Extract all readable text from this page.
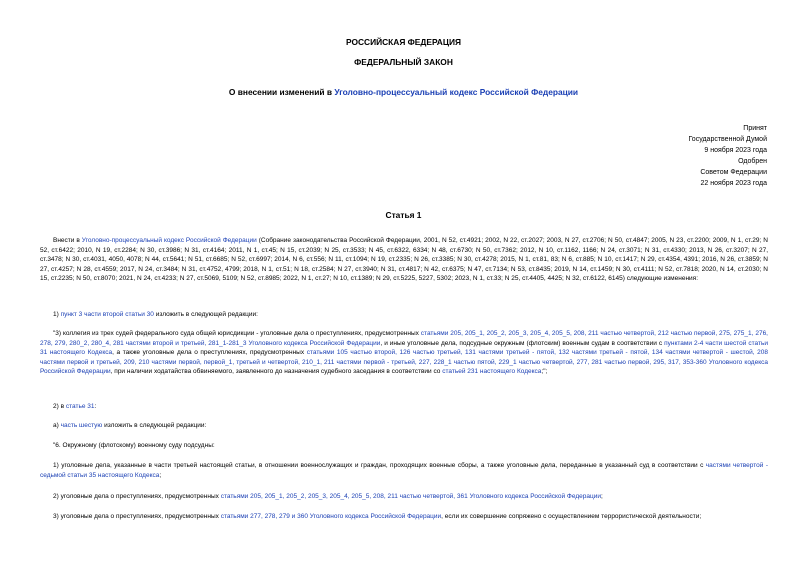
РОССИЙСКАЯ ФЕДЕРАЦИЯ
ФЕДЕРАЛЬНЫЙ ЗАКОН
О внесении изменений в Уголовно-процессуальный кодекс Российской Федерации
Принят
Государственной Думой
9 ноября 2023 года
Одобрен
Советом Федерации
22 ноября 2023 года
Статья 1
Внести в Уголовно-процессуальный кодекс Российской Федерации (Собрание законодательства Российской Федерации, 2001, N 52, ст.4921; 2002, N 22, ст.2027; 2003, N 27, ст.2706; N 50, ст.4847; 2005, N 23, ст.2200; 2009, N 1, ст.29; N 52, ст.6422; 2010, N 19, ст.2284; N 30, ст.3986; N 31, ст.4164; 2011, N 1, ст.45; N 15, ст.2039; N 25, ст.3533; N 45, ст.6322, 6334; N 48, ст.6730; N 50, ст.7362; 2012, N 10, ст.1162, 1166; N 24, ст.3071; N 31, ст.4330; 2013, N 26, ст.3207; N 27, ст.3478; N 30, ст.4031, 4050, 4078; N 44, ст.5641; N 51, ст.6685; N 52, ст.6997; 2014, N 6, ст.556; N 11, ст.1094; N 19, ст.2335; N 26, ст.3385; N 30, ст.4278; 2015, N 1, ст.81, 83; N 6, ст.885; N 10, ст.1417; N 29, ст.4354, 4391; 2016, N 26, ст.3859; N 27, ст.4257; N 28, ст.4559; 2017, N 24, ст.3484; N 31, ст.4752, 4799; 2018, N 1, ст.51; N 18, ст.2584; N 27, ст.3940; N 31, ст.4817; N 42, ст.6375; N 47, ст.7134; N 53, ст.8435; 2019, N 14, ст.1459; N 30, ст.4111; N 52, ст.7818; 2020, N 14, ст.2030; N 15, ст.2235; N 50, ст.8070; 2021, N 24, ст.4233; N 27, ст.5069, 5109; N 52, ст.8985; 2022, N 1, ст.27; N 10, ст.1389; N 29, ст.5225, 5227, 5302; 2023, N 1, ст.33; N 25, ст.4405, 4425; N 32, ст.6122, 6145) следующие изменения:
1) пункт 3 части второй статьи 30 изложить в следующей редакции:
"3) коллегия из трех судей федерального суда общей юрисдикции - уголовные дела о преступлениях, предусмотренных статьями 205, 205_1, 205_2, 205_3, 205_4, 205_5, 208, 211 частью четвертой, 212 частью первой, 275, 275_1, 276, 278, 279, 280_2, 280_4, 281 частями второй и третьей, 281_1-281_3 Уголовного кодекса Российской Федерации, и иные уголовные дела, подсудные окружным (флотским) военным судам в соответствии с пунктами 2-4 части шестой статьи 31 настоящего Кодекса, а также уголовные дела о преступлениях, предусмотренных статьями 105 частью второй, 126 частью третьей, 131 частями третьей - пятой, 132 частями третьей - пятой, 134 частями четвертой - шестой, 208 частями первой и третьей, 209, 210 частями первой, первой_1, третьей и четвертой, 210_1, 211 частями первой - третьей, 227, 228_1 частью пятой, 229_1 частью четвертой, 277, 281 частью первой, 295, 317, 353-360 Уголовного кодекса Российской Федерации, при наличии ходатайства обвиняемого, заявленного до назначения судебного заседания в соответствии со статьей 231 настоящего Кодекса;";
2) в статье 31:
а) часть шестую изложить в следующей редакции:
"6. Окружному (флотскому) военному суду подсудны:
1) уголовные дела, указанные в части третьей настоящей статьи, в отношении военнослужащих и граждан, проходящих военные сборы, а также уголовные дела, переданные в указанный суд в соответствии с частями четвертой - седьмой статьи 35 настоящего Кодекса;
2) уголовные дела о преступлениях, предусмотренных статьями 205, 205_1, 205_2, 205_3, 205_4, 205_5, 208, 211 частью четвертой, 361 Уголовного кодекса Российской Федерации;
3) уголовные дела о преступлениях, предусмотренных статьями 277, 278, 279 и 360 Уголовного кодекса Российской Федерации, если их совершение сопряжено с осуществлением террористической деятельности;
